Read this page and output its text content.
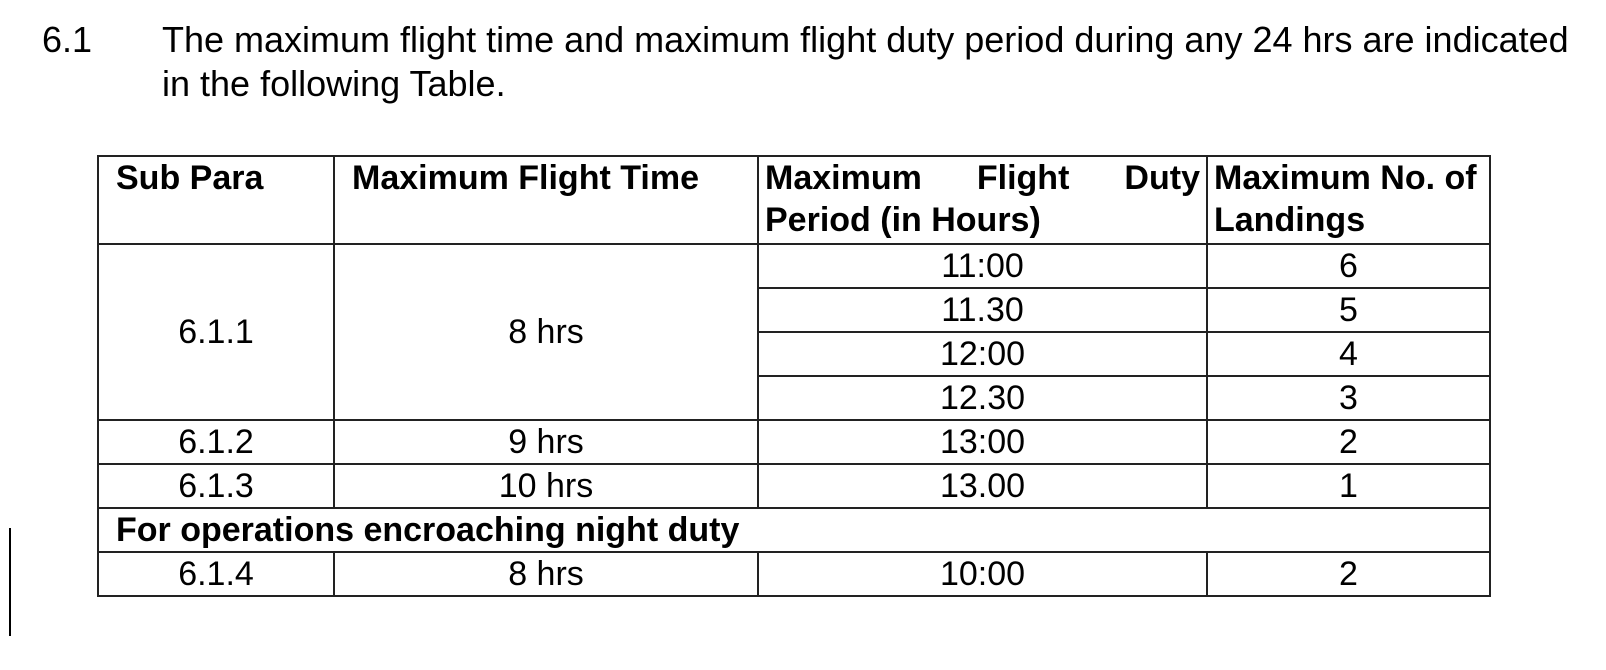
6.1 The maximum flight time and maximum flight duty period during any 24 hrs are indicated in the following Table.
Sub Para	Maximum Flight Time	Maximum Flight Duty Period (in Hours)	Maximum No. of Landings
6.1.1	8 hrs	11:00	6
		11.30	5
		12:00	4
		12.30	3
6.1.2	9 hrs	13:00	2
6.1.3	10 hrs	13.00	1
For operations encroaching night duty			
6.1.4	8 hrs	10:00	2
